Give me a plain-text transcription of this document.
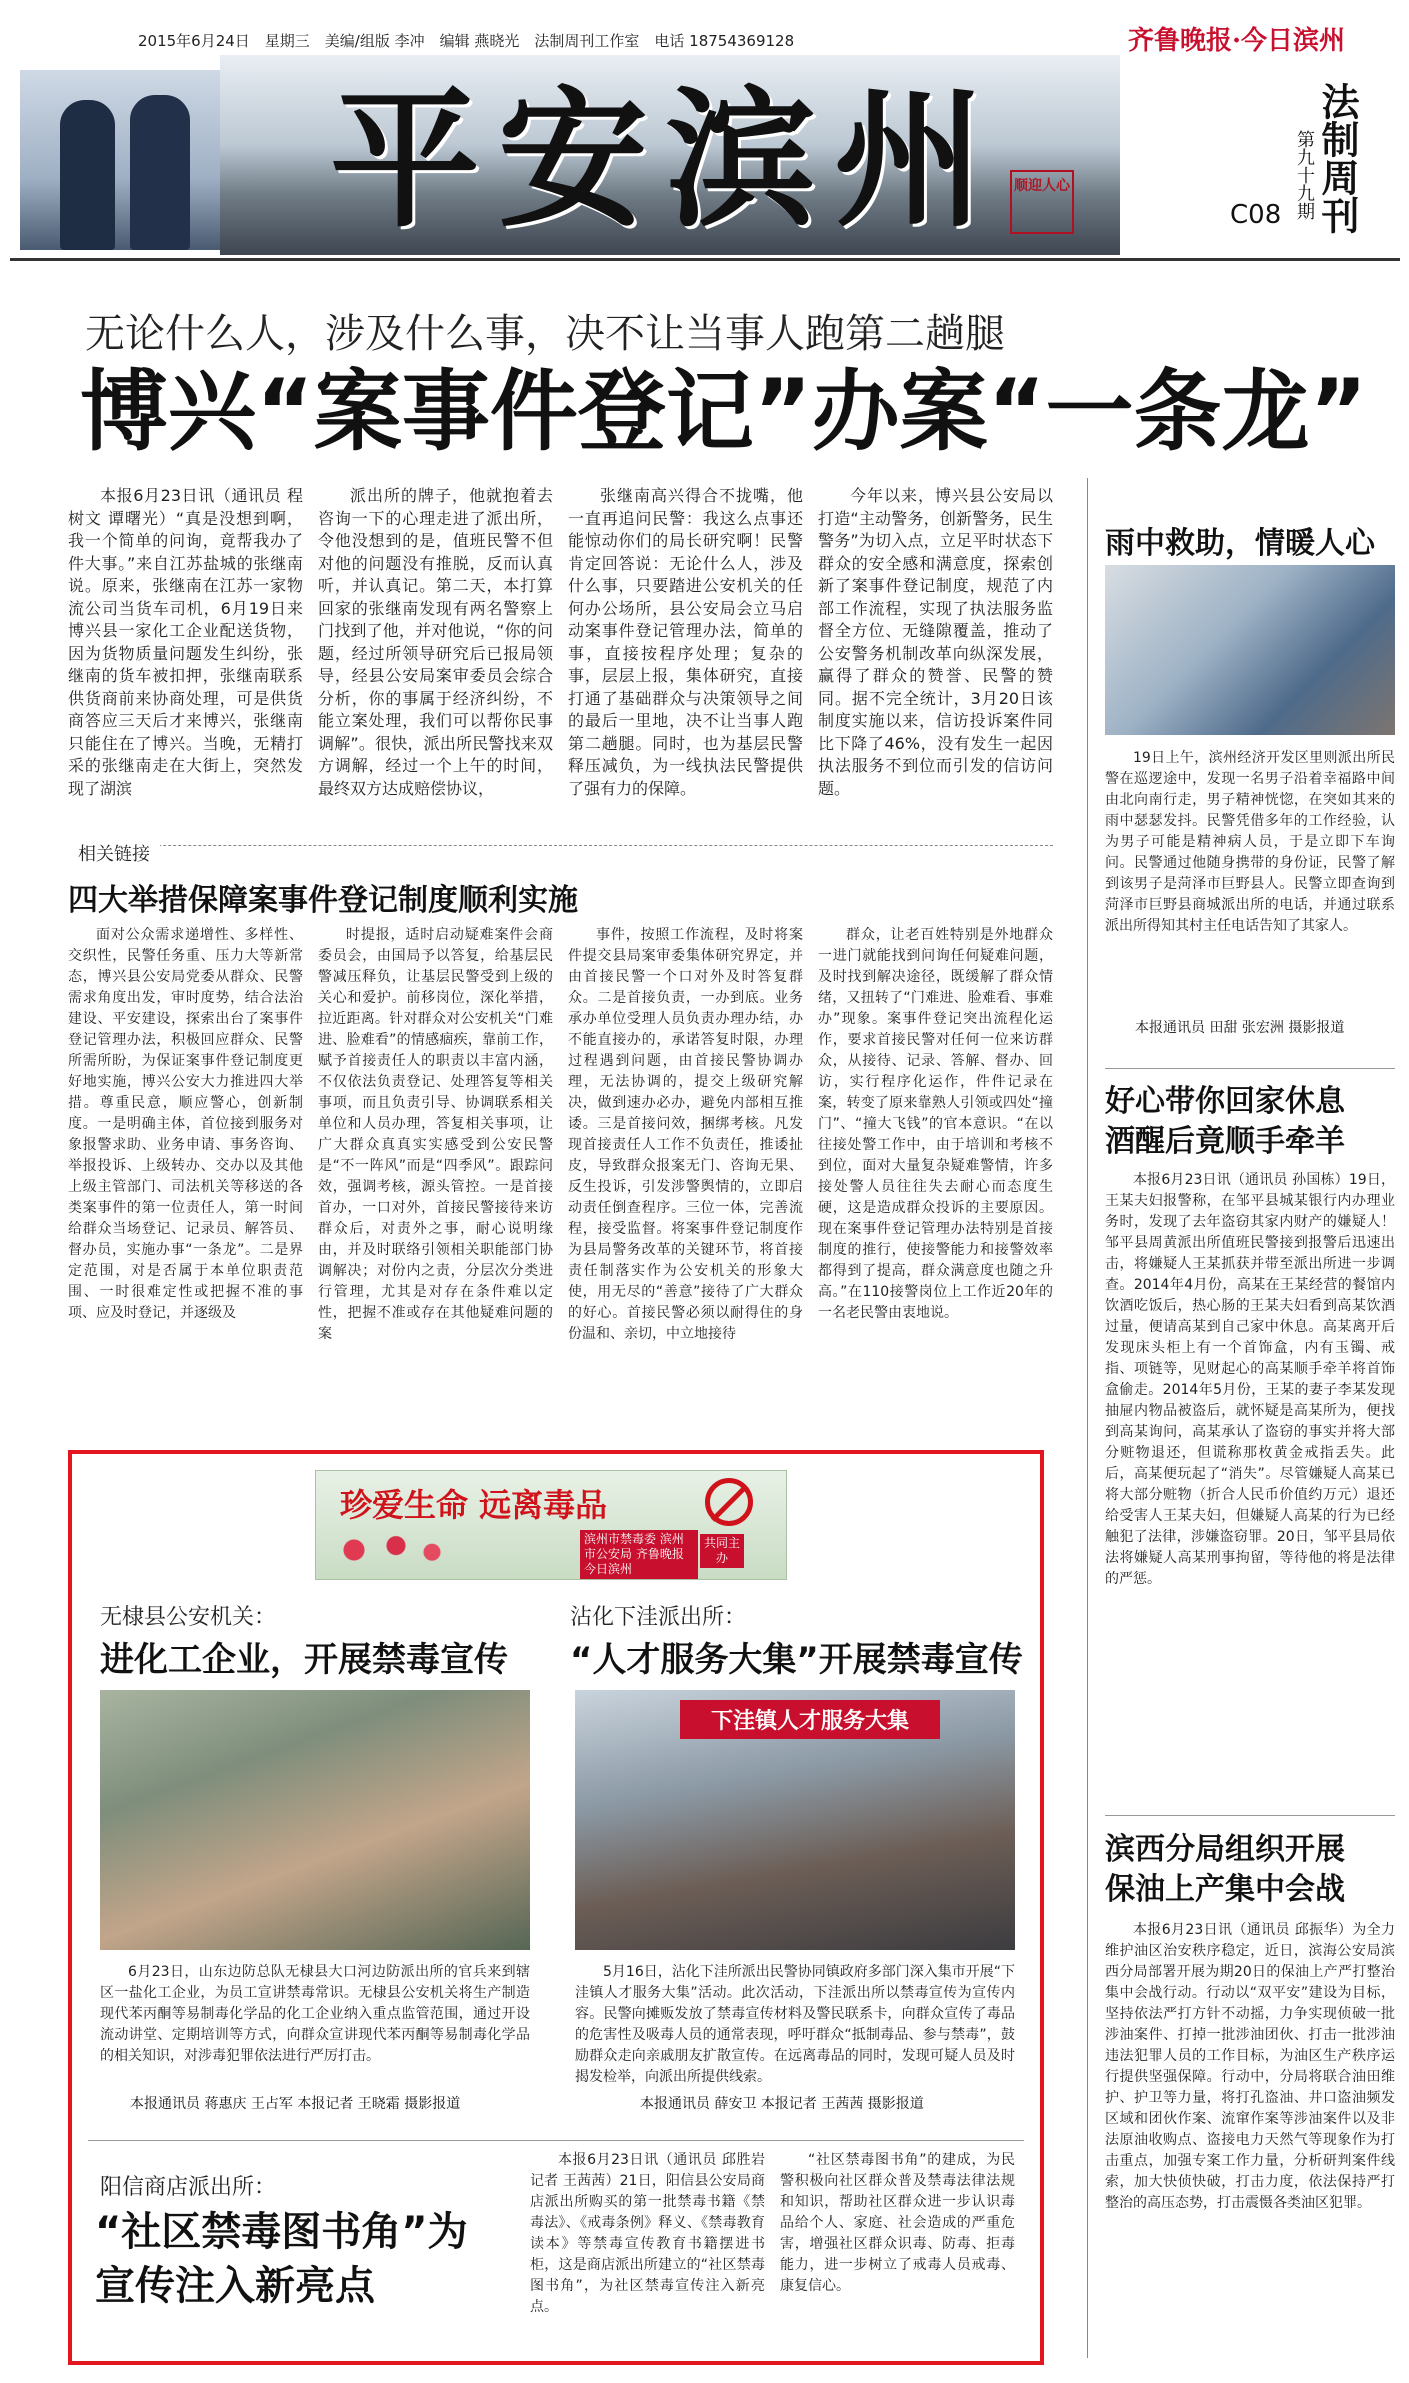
2015年6月24日　星期三　美编/组版 李冲　编辑 燕晓光　法制周刊工作室　电话 18754369128	齐鲁晚报·今日滨州
平安滨州 顺迎人心	法制周刊
第九十九期
C08
无论什么人，涉及什么事，决不让当事人跑第二趟腿
博兴“案事件登记”办案“一条龙”
本报6月23日讯（通讯员 程树文 谭曙光）“真是没想到啊，我一个简单的问询，竟帮我办了件大事。”来自江苏盐城的张继南说。原来，张继南在江苏一家物流公司当货车司机，6月19日来博兴县一家化工企业配送货物，因为货物质量问题发生纠纷，张继南的货车被扣押，张继南联系供货商前来协商处理，可是供货商答应三天后才来博兴，张继南只能住在了博兴。当晚，无精打采的张继南走在大街上，突然发现了湖滨
派出所的牌子，他就抱着去咨询一下的心理走进了派出所，令他没想到的是，值班民警不但对他的问题没有推脱，反而认真听，并认真记。第二天，本打算回家的张继南发现有两名警察上门找到了他，并对他说，“你的问题，经过所领导研究后已报局领导，经县公安局案审委员会综合分析，你的事属于经济纠纷，不能立案处理，我们可以帮你民事调解”。很快，派出所民警找来双方调解，经过一个上午的时间，最终双方达成赔偿协议，
张继南高兴得合不拢嘴，他一直再追问民警：我这么点事还能惊动你们的局长研究啊！民警肯定回答说：无论什么人，涉及什么事，只要踏进公安机关的任何办公场所，县公安局会立马启动案事件登记管理办法，简单的事，直接按程序处理；复杂的事，层层上报，集体研究，直接打通了基础群众与决策领导之间的最后一里地，决不让当事人跑第二趟腿。同时，也为基层民警释压减负，为一线执法民警提供了强有力的保障。
今年以来，博兴县公安局以打造“主动警务，创新警务，民生警务”为切入点，立足平时状态下群众的安全感和满意度，探索创新了案事件登记制度，规范了内部工作流程，实现了执法服务监督全方位、无缝隙覆盖，推动了公安警务机制改革向纵深发展，赢得了群众的赞誉、民警的赞同。据不完全统计，3月20日该制度实施以来，信访投诉案件同比下降了46%，没有发生一起因执法服务不到位而引发的信访问题。
相关链接
四大举措保障案事件登记制度顺利实施
面对公众需求递增性、多样性、交织性，民警任务重、压力大等新常态，博兴县公安局党委从群众、民警需求角度出发，审时度势，结合法治建设、平安建设，探索出台了案事件登记管理办法，积极回应群众、民警所需所盼，为保证案事件登记制度更好地实施，博兴公安大力推进四大举措。尊重民意，顺应警心，创新制度。一是明确主体，首位接到服务对象报警求助、业务申请、事务咨询、举报投诉、上级转办、交办以及其他上级主管部门、司法机关等移送的各类案事件的第一位责任人，第一时间给群众当场登记、记录员、解答员、督办员，实施办事“一条龙”。二是界定范围，对是否属于本单位职责范围、一时很难定性或把握不准的事项、应及时登记，并逐级及
时提报，适时启动疑难案件会商委员会，由国局予以答复，给基层民警减压释负，让基层民警受到上级的关心和爱护。前移岗位，深化举措，拉近距离。针对群众对公安机关“门难进、脸难看”的情感痼疾，靠前工作，赋予首接责任人的职责以丰富内涵，不仅依法负责登记、处理答复等相关事项，而且负责引导、协调联系相关单位和人员办理，答复相关事项，让广大群众真真实实感受到公安民警是“不一阵风”而是“四季风”。跟踪问效，强调考核，源头管控。一是首接首办，一口对外，首接民警接待来访群众后，对责外之事，耐心说明缘由，并及时联络引领相关职能部门协调解决；对份内之责，分层次分类进行管理，尤其是对存在条件难以定性，把握不准或存在其他疑难问题的案
事件，按照工作流程，及时将案件提交县局案审委集体研究界定，并由首接民警一个口对外及时答复群众。二是首接负责，一办到底。业务承办单位受理人员负责办理办结，办不能直接办的，承诺答复时限，办理过程遇到问题，由首接民警协调办理，无法协调的，提交上级研究解决，做到速办必办，避免内部相互推诿。三是首接问效，捆绑考核。凡发现首接责任人工作不负责任，推诿扯皮，导致群众报案无门、咨询无果、反生投诉，引发涉警舆情的，立即启动责任倒查程序。三位一体，完善流程，接受监督。将案事件登记制度作为县局警务改革的关键环节，将首接责任制落实作为公安机关的形象大使，用无尽的“善意”接待了广大群众的好心。首接民警必须以耐得住的身份温和、亲切，中立地接待
群众，让老百姓特别是外地群众一进门就能找到问询任何疑难问题，及时找到解决途径，既缓解了群众情绪，又扭转了“门难进、脸难看、事难办”现象。案事件登记突出流程化运作，要求首接民警对任何一位来访群众，从接待、记录、答解、督办、回访，实行程序化运作，件件记录在案，转变了原来靠熟人引领或四处“撞门”、“撞大飞钱”的官本意识。“在以往接处警工作中，由于培训和考核不到位，面对大量复杂疑难警情，许多接处警人员往往失去耐心而态度生硬，这是造成群众投诉的主要原因。现在案事件登记管理办法特别是首接制度的推行，使接警能力和接警效率都得到了提高，群众满意度也随之升高。”在110接警岗位上工作近20年的一名老民警由衷地说。
雨中救助，情暖人心
19日上午，滨州经济开发区里则派出所民警在巡逻途中，发现一名男子沿着幸福路中间由北向南行走，男子精神恍惚，在突如其来的雨中瑟瑟发抖。民警凭借多年的工作经验，认为男子可能是精神病人员，于是立即下车询问。民警通过他随身携带的身份证，民警了解到该男子是菏泽市巨野县人。民警立即查询到菏泽市巨野县商城派出所的电话，并通过联系派出所得知其村主任电话告知了其家人。
本报通讯员 田甜 张宏洲 摄影报道
好心带你回家休息 酒醒后竟顺手牵羊
本报6月23日讯（通讯员 孙国栋）19日，王某夫妇报警称，在邹平县城某银行内办理业务时，发现了去年盗窃其家内财产的嫌疑人！邹平县周黄派出所值班民警接到报警后迅速出击，将嫌疑人王某抓获并带至派出所进一步调查。2014年4月份，高某在王某经营的餐馆内饮酒吃饭后，热心肠的王某夫妇看到高某饮酒过量，便请高某到自己家中休息。高某离开后发现床头柜上有一个首饰盒，内有玉镯、戒指、项链等，见财起心的高某顺手牵羊将首饰盒偷走。2014年5月份，王某的妻子李某发现抽屉内物品被盗后，就怀疑是高某所为，便找到高某询问，高某承认了盗窃的事实并将大部分赃物退还，但谎称那枚黄金戒指丢失。此后，高某便玩起了“消失”。尽管嫌疑人高某已将大部分赃物（折合人民币价值约万元）退还给受害人王某夫妇，但嫌疑人高某的行为已经触犯了法律，涉嫌盗窃罪。20日，邹平县局依法将嫌疑人高某刑事拘留，等待他的将是法律的严惩。
滨西分局组织开展 保油上产集中会战
本报6月23日讯（通讯员 邱振华）为全力维护油区治安秩序稳定，近日，滨海公安局滨西分局部署开展为期20日的保油上产严打整治集中会战行动。行动以“双平安”建设为目标，坚持依法严打方针不动摇，力争实现侦破一批涉油案件、打掉一批涉油团伙、打击一批涉油违法犯罪人员的工作目标，为油区生产秩序运行提供坚强保障。行动中，分局将联合油田维护、护卫等力量，将打孔盗油、井口盗油频发区域和团伙作案、流窜作案等涉油案件以及非法原油收购点、盗接电力天然气等现象作为打击重点，加强专案工作力量，分析研判案件线索，加大快侦快破，打击力度，依法保持严打整治的高压态势，打击震慑各类油区犯罪。
珍爱生命 远离毒品
滨州市禁毒委 滨州市公安局 齐鲁晚报今日滨州
共同主办
无棣县公安机关：
进化工企业，开展禁毒宣传
6月23日，山东边防总队无棣县大口河边防派出所的官兵来到辖区一盐化工企业，为员工宣讲禁毒常识。无棣县公安机关将生产制造现代苯丙酮等易制毒化学品的化工企业纳入重点监管范围，通过开设流动讲堂、定期培训等方式，向群众宣讲现代苯丙酮等易制毒化学品的相关知识，对涉毒犯罪依法进行严厉打击。
本报通讯员 蒋惠庆 王占军 本报记者 王晓霜 摄影报道
沾化下洼派出所：
“人才服务大集”开展禁毒宣传
下洼镇人才服务大集
5月16日，沾化下洼所派出民警协同镇政府多部门深入集市开展“下洼镇人才服务大集”活动。此次活动，下洼派出所以禁毒宣传为宣传内容。民警向摊贩发放了禁毒宣传材料及警民联系卡，向群众宣传了毒品的危害性及吸毒人员的通常表现，呼吁群众“抵制毒品、参与禁毒”，鼓励群众走向亲戚朋友扩散宣传。在远离毒品的同时，发现可疑人员及时揭发检举，向派出所提供线索。
本报通讯员 薛安卫 本报记者 王茜茜 摄影报道
阳信商店派出所：
“社区禁毒图书角”为宣传注入新亮点
本报6月23日讯（通讯员 邱胜岩 记者 王茜茜）21日，阳信县公安局商店派出所购买的第一批禁毒书籍《禁毒法》、《戒毒条例》释义、《禁毒教育读本》等禁毒宣传教育书籍摆进书柜，这是商店派出所建立的“社区禁毒图书角”，为社区禁毒宣传注入新亮点。
“社区禁毒图书角”的建成，为民警积极向社区群众普及禁毒法律法规和知识，帮助社区群众进一步认识毒品给个人、家庭、社会造成的严重危害，增强社区群众识毒、防毒、拒毒能力，进一步树立了戒毒人员戒毒、康复信心。
